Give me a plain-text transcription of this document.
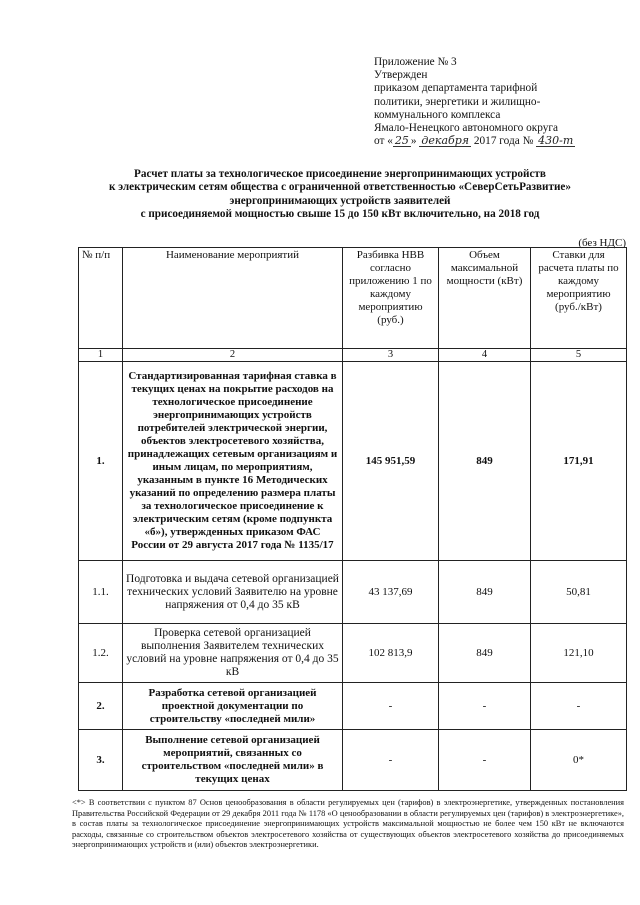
Приложение № 3
Утвержден
приказом департамента тарифной
политики, энергетики и жилищно-
коммунального комплекса
Ямало-Ненецкого автономного округа
от « 25 » декабря 2017 года № 430-т
Расчет платы за технологическое присоединение энергопринимающих устройств
к электрическим сетям общества с ограниченной ответственностью «СеверСетьРазвитие»
энергопринимающих устройств заявителей
с присоединяемой мощностью свыше 15 до 150 кВт включительно, на 2018 год
(без НДС)
№ п/п	Наименование мероприятий	Разбивка НВВ согласно приложению 1 по каждому мероприятию (руб.)	Объем максимальной мощности (кВт)	Ставки для расчета платы по каждому мероприятию (руб./кВт)
1	2	3	4	5
1.	Стандартизированная тарифная ставка в текущих ценах на покрытие расходов на технологическое присоединение энергопринимающих устройств потребителей электрической энергии, объектов электросетевого хозяйства, принадлежащих сетевым организациям и иным лицам, по мероприятиям, указанным в пункте 16 Методических указаний по определению размера платы за технологическое присоединение к электрическим сетям (кроме подпункта «б»), утвержденных приказом ФАС России от 29 августа 2017 года № 1135/17	145 951,59	849	171,91
1.1.	Подготовка и выдача сетевой организацией технических условий Заявителю на уровне напряжения от 0,4 до 35 кВ	43 137,69	849	50,81
1.2.	Проверка сетевой организацией выполнения Заявителем технических условий на уровне напряжения от 0,4 до 35 кВ	102 813,9	849	121,10
2.	Разработка сетевой организацией проектной документации по строительству «последней мили»	-	-	-
3.	Выполнение сетевой организацией мероприятий, связанных со строительством «последней мили» в текущих ценах	-	-	0*
<*> В соответствии с пунктом 87 Основ ценообразования в области регулируемых цен (тарифов) в электроэнергетике, утвержденных постановления Правительства Российской Федерации от 29 декабря 2011 года № 1178 «О ценообразовании в области регулируемых цен (тарифов) в электроэнергетике», в состав платы за технологическое присоединение энергопринимающих устройств максимальной мощностью не более чем 150 кВт не включаются расходы, связанные со строительством объектов электросетевого хозяйства от существующих объектов электросетевого хозяйства до присоединяемых энергопринимающих устройств и (или) объектов электроэнергетики.
